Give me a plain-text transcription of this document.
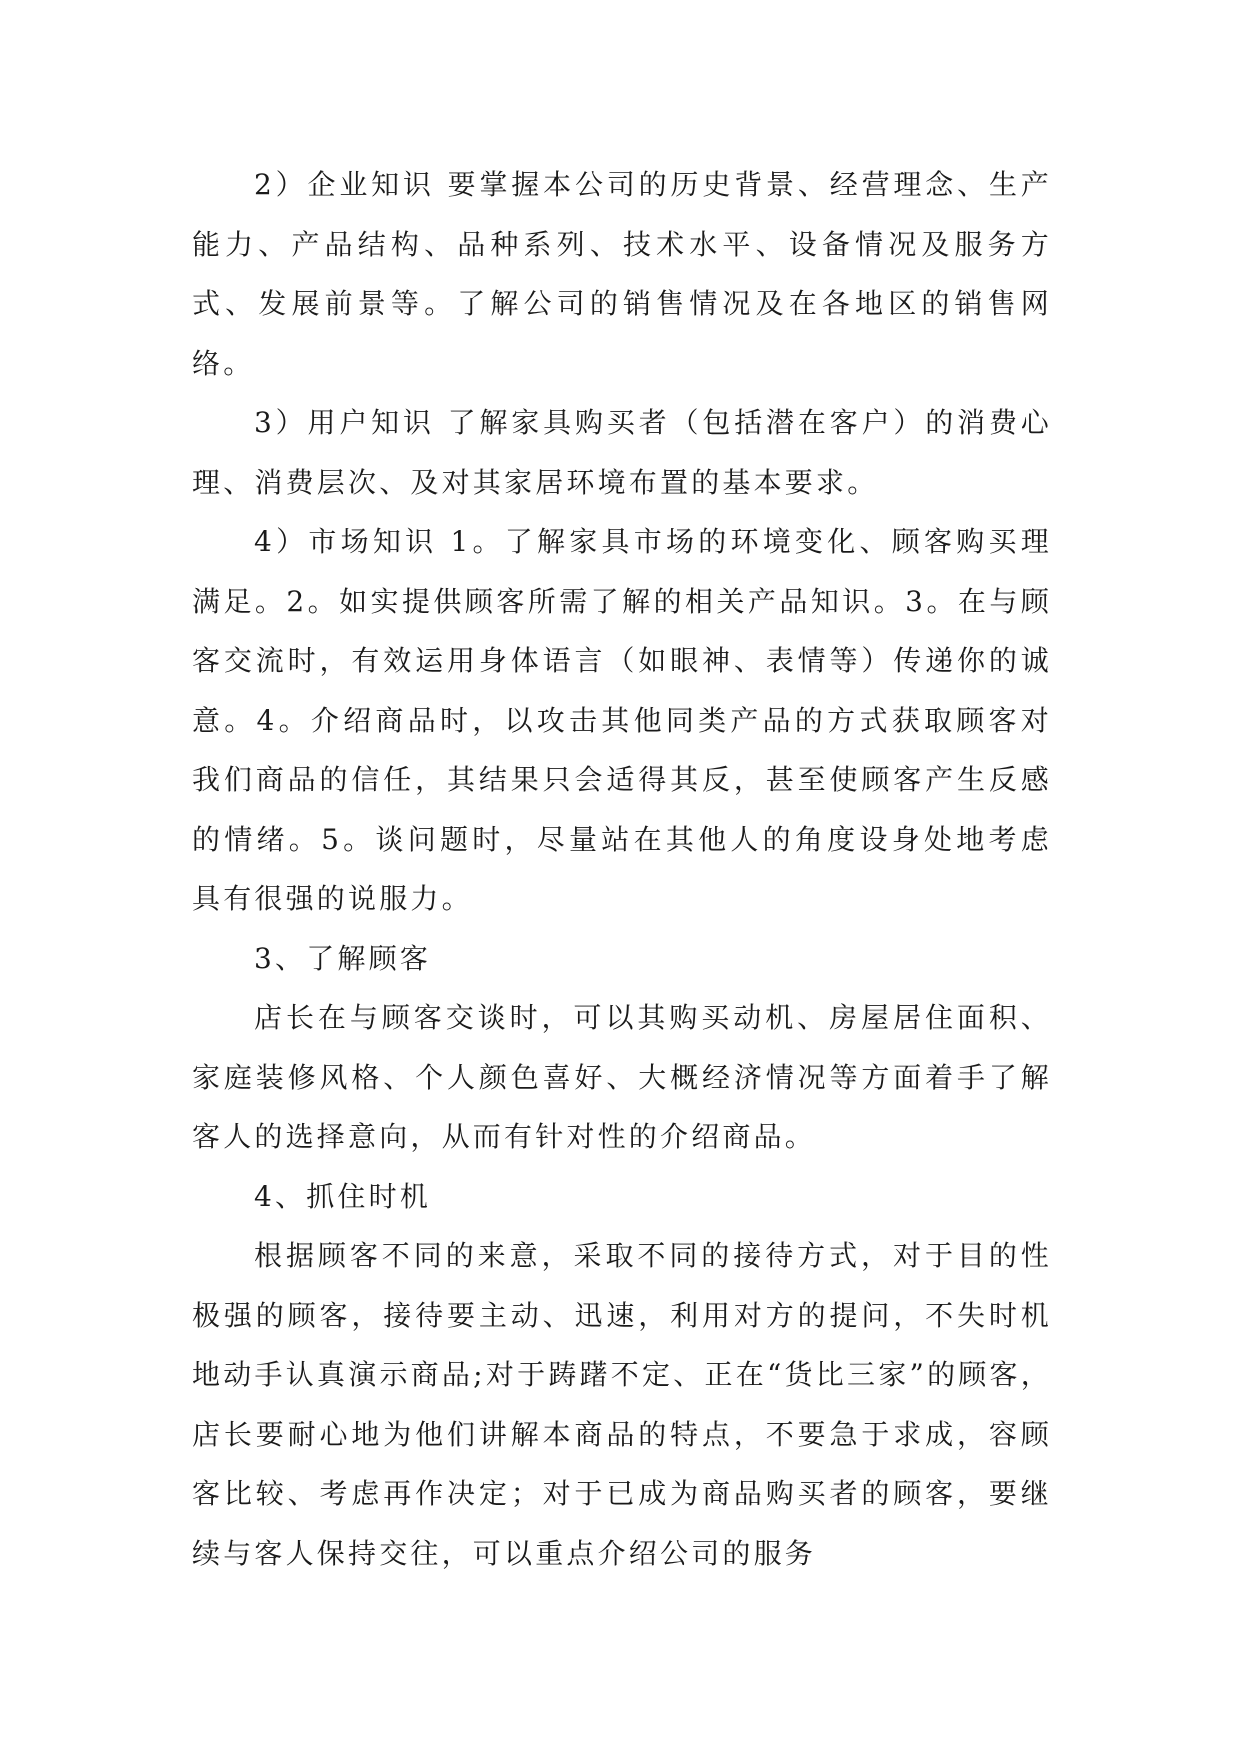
2）企业知识 要掌握本公司的历史背景、经营理念、生产能力、产品结构、品种系列、技术水平、设备情况及服务方式、发展前景等。了解公司的销售情况及在各地区的销售网络。

3）用户知识 了解家具购买者（包括潜在客户）的消费心理、消费层次、及对其家居环境布置的基本要求。

4）市场知识 1。了解家具市场的环境变化、顾客购买理满足。2。如实提供顾客所需了解的相关产品知识。3。在与顾客交流时，有效运用身体语言（如眼神、表情等）传递你的诚意。4。介绍商品时，以攻击其他同类产品的方式获取顾客对我们商品的信任，其结果只会适得其反，甚至使顾客产生反感的情绪。5。谈问题时，尽量站在其他人的角度设身处地考虑具有很强的说服力。

3、了解顾客

店长在与顾客交谈时，可以其购买动机、房屋居住面积、家庭装修风格、个人颜色喜好、大概经济情况等方面着手了解客人的选择意向，从而有针对性的介绍商品。

4、抓住时机

根据顾客不同的来意，采取不同的接待方式，对于目的性极强的顾客，接待要主动、迅速，利用对方的提问，不失时机地动手认真演示商品;对于踌躇不定、正在“货比三家”的顾客，店长要耐心地为他们讲解本商品的特点，不要急于求成，容顾客比较、考虑再作决定；对于已成为商品购买者的顾客，要继续与客人保持交往，可以重点介绍公司的服务
